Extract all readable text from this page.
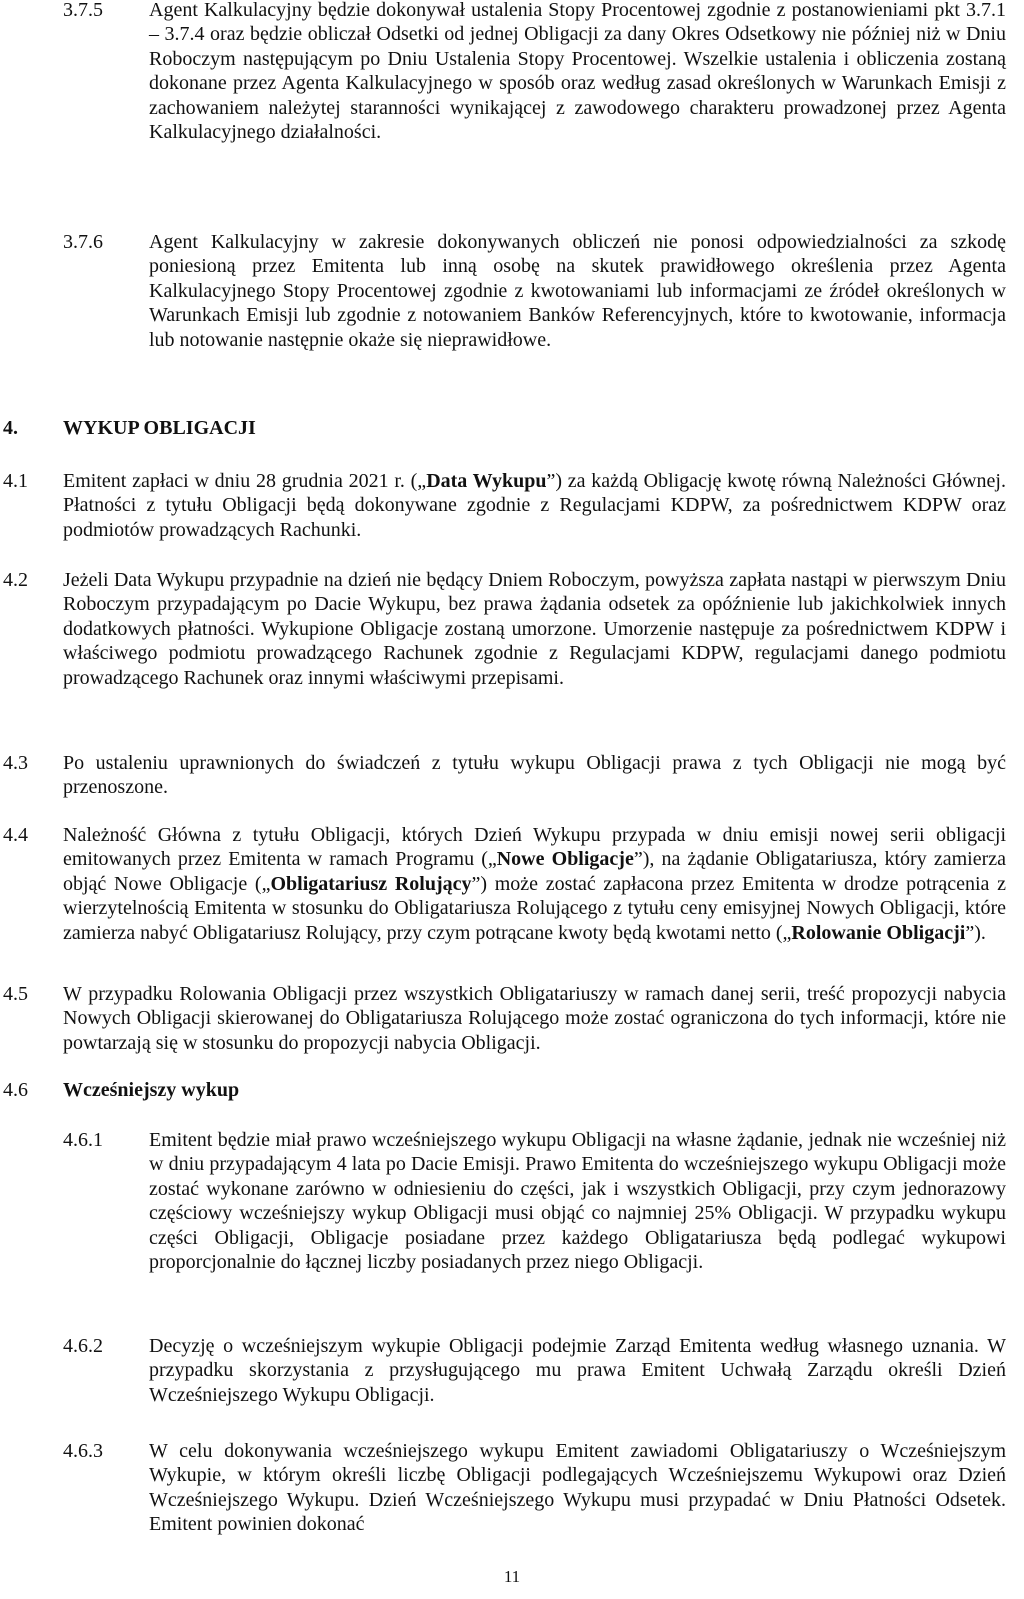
3.7.5 Agent Kalkulacyjny będzie dokonywał ustalenia Stopy Procentowej zgodnie z postanowieniami pkt 3.7.1 – 3.7.4 oraz będzie obliczał Odsetki od jednej Obligacji za dany Okres Odsetkowy nie później niż w Dniu Roboczym następującym po Dniu Ustalenia Stopy Procentowej. Wszelkie ustalenia i obliczenia zostaną dokonane przez Agenta Kalkulacyjnego w sposób oraz według zasad określonych w Warunkach Emisji z zachowaniem należytej staranności wynikającej z zawodowego charakteru prowadzonej przez Agenta Kalkulacyjnego działalności.
3.7.6 Agent Kalkulacyjny w zakresie dokonywanych obliczeń nie ponosi odpowiedzialności za szkodę poniesioną przez Emitenta lub inną osobę na skutek prawidłowego określenia przez Agenta Kalkulacyjnego Stopy Procentowej zgodnie z kwotowaniami lub informacjami ze źródeł określonych w Warunkach Emisji lub zgodnie z notowaniem Banków Referencyjnych, które to kwotowanie, informacja lub notowanie następnie okaże się nieprawidłowe.
4. WYKUP OBLIGACJI
4.1 Emitent zapłaci w dniu 28 grudnia 2021 r. („Data Wykupu”) za każdą Obligację kwotę równą Należności Głównej. Płatności z tytułu Obligacji będą dokonywane zgodnie z Regulacjami KDPW, za pośrednictwem KDPW oraz podmiotów prowadzących Rachunki.
4.2 Jeżeli Data Wykupu przypadnie na dzień nie będący Dniem Roboczym, powyższa zapłata nastąpi w pierwszym Dniu Roboczym przypadającym po Dacie Wykupu, bez prawa żądania odsetek za opóźnienie lub jakichkolwiek innych dodatkowych płatności. Wykupione Obligacje zostaną umorzone. Umorzenie następuje za pośrednictwem KDPW i właściwego podmiotu prowadzącego Rachunek zgodnie z Regulacjami KDPW, regulacjami danego podmiotu prowadzącego Rachunek oraz innymi właściwymi przepisami.
4.3 Po ustaleniu uprawnionych do świadczeń z tytułu wykupu Obligacji prawa z tych Obligacji nie mogą być przenoszone.
4.4 Należność Główna z tytułu Obligacji, których Dzień Wykupu przypada w dniu emisji nowej serii obligacji emitowanych przez Emitenta w ramach Programu („Nowe Obligacje”), na żądanie Obligatariusza, który zamierza objąć Nowe Obligacje („Obligatariusz Rolujący”) może zostać zapłacona przez Emitenta w drodze potrącenia z wierzytelnością Emitenta w stosunku do Obligatariusza Rolującego z tytułu ceny emisyjnej Nowych Obligacji, które zamierza nabyć Obligatariusz Rolujący, przy czym potrącane kwoty będą kwotami netto („Rolowanie Obligacji”).
4.5 W przypadku Rolowania Obligacji przez wszystkich Obligatariuszy w ramach danej serii, treść propozycji nabycia Nowych Obligacji skierowanej do Obligatariusza Rolującego może zostać ograniczona do tych informacji, które nie powtarzają się w stosunku do propozycji nabycia Obligacji.
4.6 Wcześniejszy wykup
4.6.1 Emitent będzie miał prawo wcześniejszego wykupu Obligacji na własne żądanie, jednak nie wcześniej niż w dniu przypadającym 4 lata po Dacie Emisji. Prawo Emitenta do wcześniejszego wykupu Obligacji może zostać wykonane zarówno w odniesieniu do części, jak i wszystkich Obligacji, przy czym jednorazowy częściowy wcześniejszy wykup Obligacji musi objąć co najmniej 25% Obligacji. W przypadku wykupu części Obligacji, Obligacje posiadane przez każdego Obligatariusza będą podlegać wykupowi proporcjonalnie do łącznej liczby posiadanych przez niego Obligacji.
4.6.2 Decyzję o wcześniejszym wykupie Obligacji podejmie Zarząd Emitenta według własnego uznania. W przypadku skorzystania z przysługującego mu prawa Emitent Uchwałą Zarządu określi Dzień Wcześniejszego Wykupu Obligacji.
4.6.3 W celu dokonywania wcześniejszego wykupu Emitent zawiadomi Obligatariuszy o Wcześniejszym Wykupie, w którym określi liczbę Obligacji podlegających Wcześniejszemu Wykupowi oraz Dzień Wcześniejszego Wykupu. Dzień Wcześniejszego Wykupu musi przypadać w Dniu Płatności Odsetek. Emitent powinien dokonać
11
